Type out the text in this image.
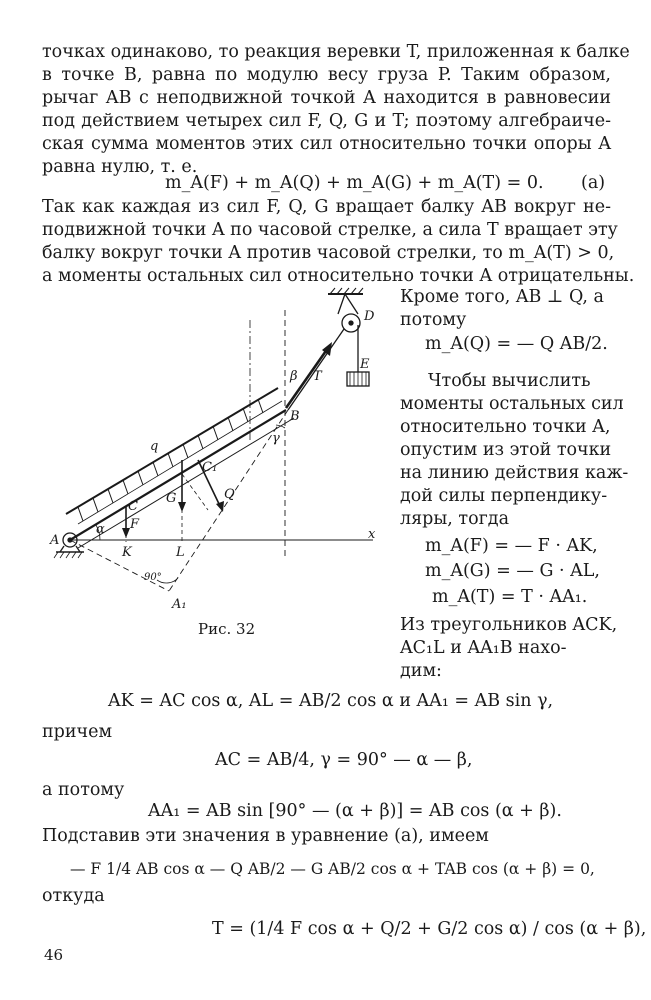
точках одинаково, то реакция веревки T, приложенная к балке
в точке B, равна по модулю весу груза P. Таким образом,
рычаг AB с неподвижной точкой A находится в равновесии
под действием четырех сил F, Q, G и T; поэтому алгебраиче-
ская сумма моментов этих сил относительно точки опоры A
равна нулю, т. е.
m_A(F) + m_A(Q) + m_A(G) + m_A(T) = 0. (а)
Так как каждая из сил F, Q, G вращает балку AB вокруг не-
подвижной точки A по часовой стрелке, а сила T вращает эту
балку вокруг точки A против часовой стрелки, то m_A(T) > 0,
а моменты остальных сил относительно точки A отрицательны.
A
B
C
C₁
D
E
K	L
A₁
x
q
α
β
γ
90°
F
G	Q
T
Рис. 32
Кроме того, AB ⊥ Q, а
потому
m_A(Q) = — Q AB/2.
Чтобы вычислить
моменты остальных сил
относительно точки A,
опустим из этой точки
на линию действия каж-
дой силы перпендику-
ляры, тогда
m_A(F) = — F · AK,
m_A(G) = — G · AL,
m_A(T) = T · AA₁.
Из треугольников ACK,
AC₁L и AA₁B нахо-
дим:
AK = AC cos α, AL = AB/2 cos α и AA₁ = AB sin γ,
причем
AC = AB/4, γ = 90° — α — β,
а потому
AA₁ = AB sin [90° — (α + β)] = AB cos (α + β).
Подставив эти значения в уравнение (а), имеем
— F 1/4 AB cos α — Q AB/2 — G AB/2 cos α + TAB cos (α + β) = 0,
откуда
T = (1/4 F cos α + Q/2 + G/2 cos α) / cos (α + β),
46
